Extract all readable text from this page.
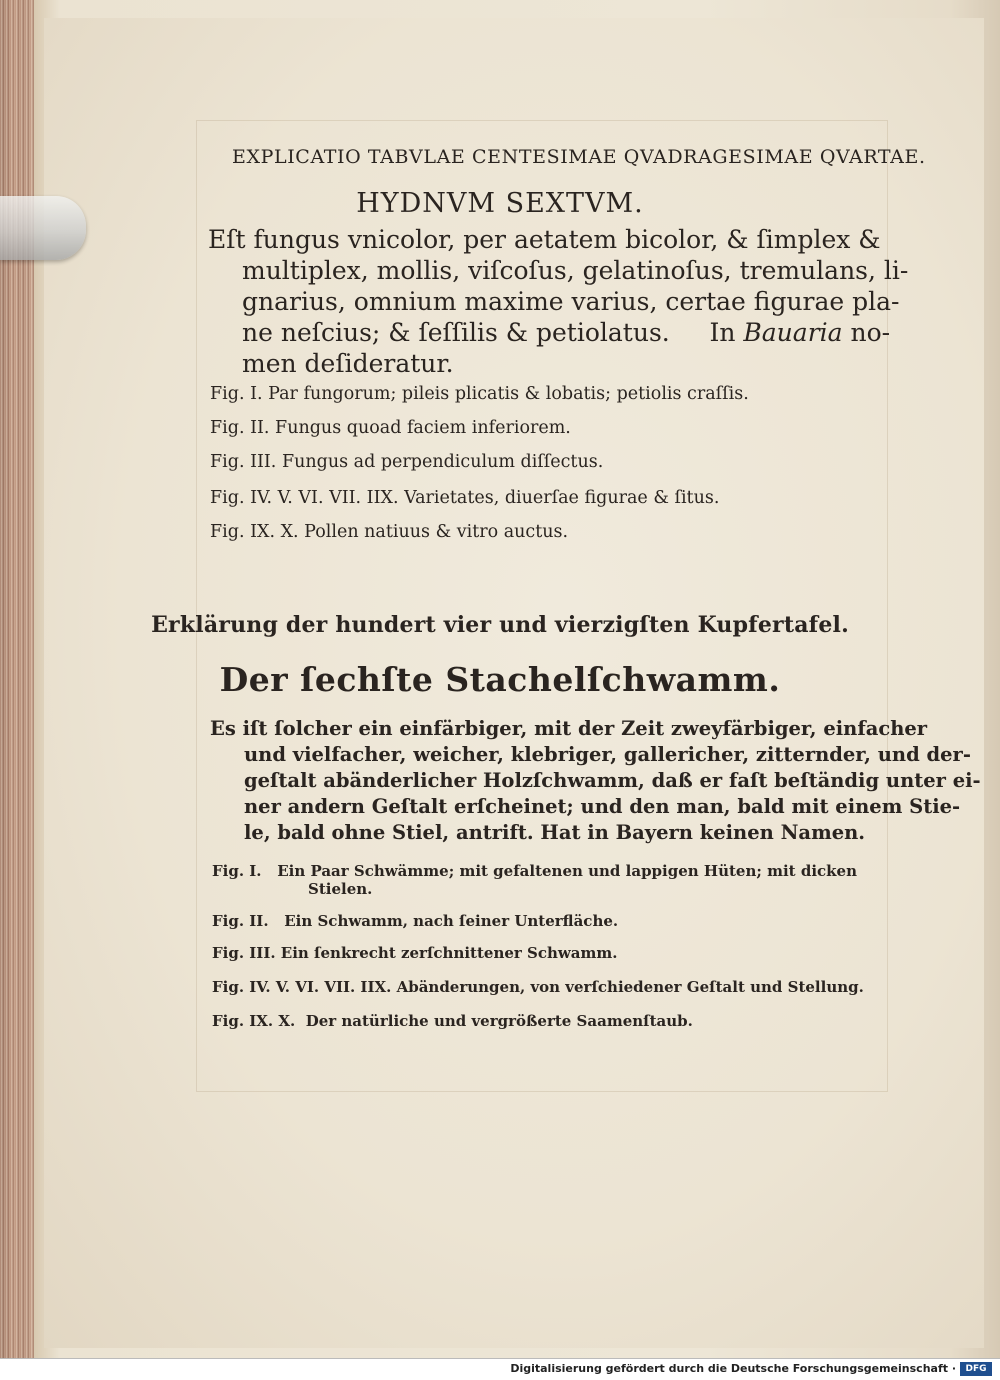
EXPLICATIO TABVLAE CENTESIMAE QVADRAGESIMAE QVARTAE.
HYDNVM SEXTVM.
Eſt fungus vnicolor, per aetatem bicolor, & ſimplex &
multiplex, mollis, viſcoſus, gelatinoſus, tremulans, li-
gnarius, omnium maxime varius, certae figurae pla-
ne neſcius; & ſeſſilis & petiolatus. In Bauaria no-
men deſideratur.
Fig. I. Par fungorum; pileis plicatis & lobatis; petiolis craſſis.
Fig. II. Fungus quoad faciem inferiorem.
Fig. III. Fungus ad perpendiculum diſſectus.
Fig. IV. V. VI. VII. IIX. Varietates, diuerſae figurae & ſitus.
Fig. IX. X. Pollen natiuus & vitro auctus.
Erklärung der hundert vier und vierzigſten Kupfertafel.
Der ſechſte Stachelſchwamm.
Es iſt ſolcher ein einfärbiger, mit der Zeit zweyfärbiger, einfacher
und vielfacher, weicher, klebriger, gallericher, zitternder, und der-
geſtalt abänderlicher Holzſchwamm, daß er faſt beſtändig unter ei-
ner andern Geſtalt erſcheinet; und den man, bald mit einem Stie-
le, bald ohne Stiel, antrift. Hat in Bayern keinen Namen.
Fig. I. Ein Paar Schwämme; mit gefaltenen und lappigen Hüten; mit dicken
Stielen.
Fig. II. Ein Schwamm, nach ſeiner Unterfläche.
Fig. III. Ein ſenkrecht zerſchnittener Schwamm.
Fig. IV. V. VI. VII. IIX. Abänderungen, von verſchiedener Geſtalt und Stellung.
Fig. IX. X. Der natürliche und vergrößerte Saamenſtaub.
Digitalisierung gefördert durch die Deutsche Forschungsgemeinschaft ·	DFG
